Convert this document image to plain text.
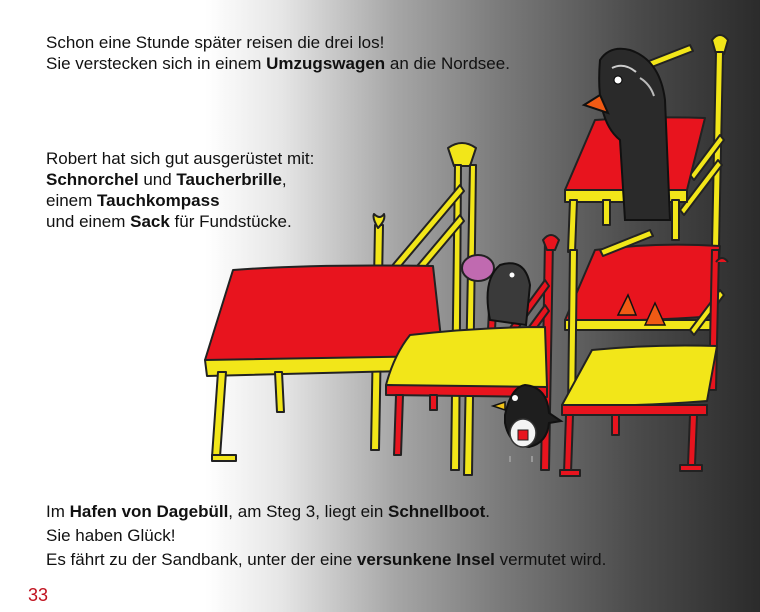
Schon eine Stunde später reisen die drei los!
Sie verstecken sich in einem Umzugswagen an die Nordsee.
Robert hat sich gut ausgerüstet mit:
Schnorchel und Taucherbrille,
einem Tauchkompass
und einem Sack für Fundstücke.
Im Hafen von Dagebüll, am Steg 3, liegt ein Schnellboot.
Sie haben Glück!
Es fährt zu der Sandbank, unter der eine versunkene Insel vermutet wird.
33
